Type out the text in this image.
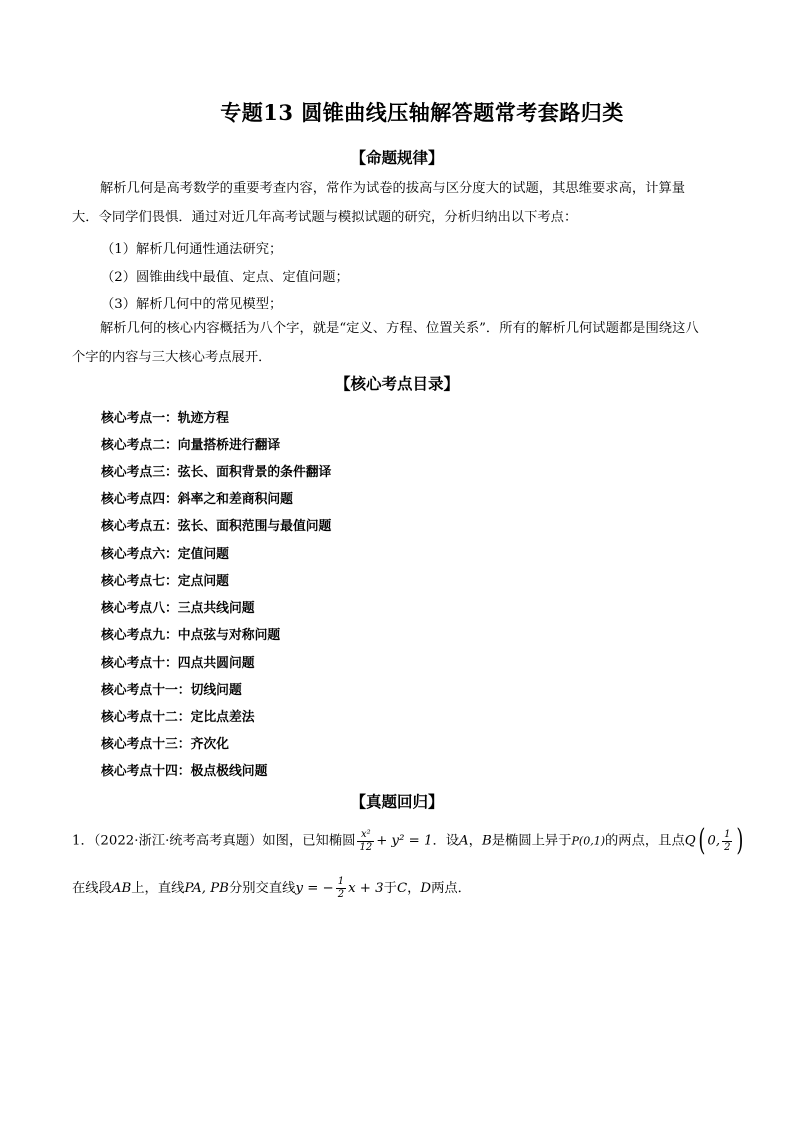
专题13 圆锥曲线压轴解答题常考套路归类
【命题规律】
解析几何是高考数学的重要考查内容，常作为试卷的拔高与区分度大的试题，其思维要求高，计算量
大．令同学们畏惧．通过对近几年高考试题与模拟试题的研究，分析归纳出以下考点：
（1）解析几何通性通法研究；
（2）圆锥曲线中最值、定点、定值问题；
（3）解析几何中的常见模型；
解析几何的核心内容概括为八个字，就是“定义、方程、位置关系”．所有的解析几何试题都是围绕这八
个字的内容与三大核心考点展开．
【核心考点目录】
核心考点一：轨迹方程
核心考点二：向量搭桥进行翻译
核心考点三：弦长、面积背景的条件翻译
核心考点四：斜率之和差商积问题
核心考点五：弦长、面积范围与最值问题
核心考点六：定值问题
核心考点七：定点问题
核心考点八：三点共线问题
核心考点九：中点弦与对称问题
核心考点十：四点共圆问题
核心考点十一：切线问题
核心考点十二：定比点差法
核心考点十三：齐次化
核心考点十四：极点极线问题
【真题回归】
1．（2022·浙江·统考高考真题）如图，已知椭圆 $\frac{\text{x²}}{12} + y^2 = 1$．设A，B是椭圆上异于P(0,1)的两点，且点Q( 0, $\frac{1}{2}$ )
在线段AB上，直线PA, PB分别交直线y = − $\frac{1}{2}$ x + 3于C，D两点．
